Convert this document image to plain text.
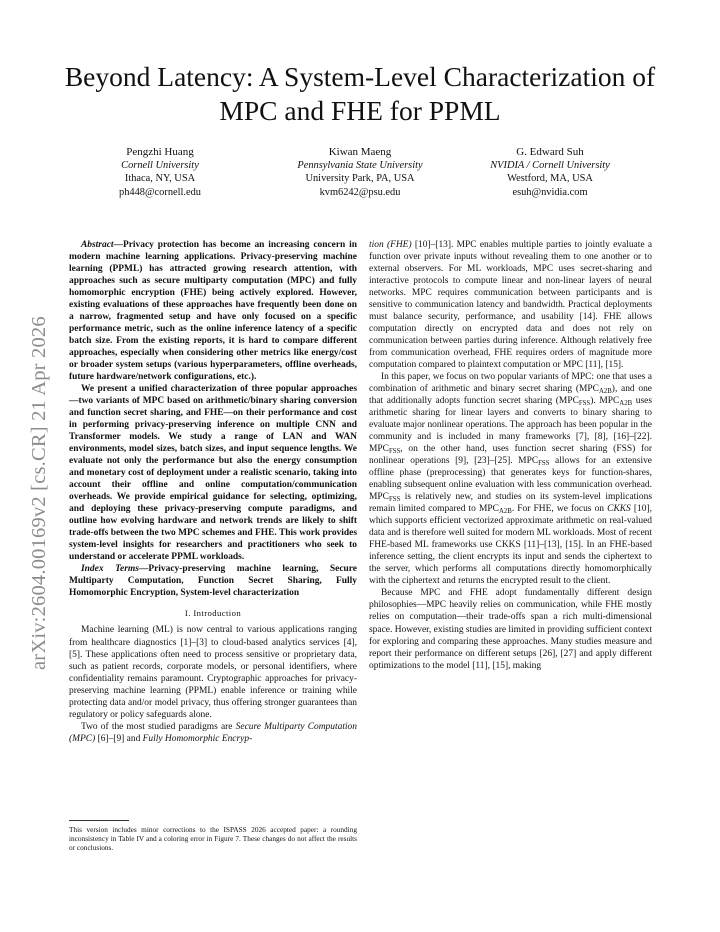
arXiv:2604.00169v2 [cs.CR] 21 Apr 2026
Beyond Latency: A System-Level Characterization of MPC and FHE for PPML
Pengzhi Huang
Cornell University
Ithaca, NY, USA
ph448@cornell.edu
Kiwan Maeng
Pennsylvania State University
University Park, PA, USA
kvm6242@psu.edu
G. Edward Suh
NVIDIA / Cornell University
Westford, MA, USA
esuh@nvidia.com

Abstract—Privacy protection has become an increasing concern in modern machine learning applications. Privacy-preserving machine learning (PPML) has attracted growing research attention, with approaches such as secure multiparty computation (MPC) and fully homomorphic encryption (FHE) being actively explored. However, existing evaluations of these approaches have frequently been done on a narrow, fragmented setup and have only focused on a specific performance metric, such as the online inference latency of a specific batch size. From the existing reports, it is hard to compare different approaches, especially when considering other metrics like energy/cost or broader system setups (various hyperparameters, offline overheads, future hardware/network configurations, etc.).

We present a unified characterization of three popular approaches—two variants of MPC based on arithmetic/binary sharing conversion and function secret sharing, and FHE—on their performance and cost in performing privacy-preserving inference on multiple CNN and Transformer models. We study a range of LAN and WAN environments, model sizes, batch sizes, and input sequence lengths. We evaluate not only the performance but also the energy consumption and monetary cost of deployment under a realistic scenario, taking into account their offline and online computation/communication overheads. We provide empirical guidance for selecting, optimizing, and deploying these privacy-preserving compute paradigms, and outline how evolving hardware and network trends are likely to shift trade-offs between the two MPC schemes and FHE. This work provides system-level insights for researchers and practitioners who seek to understand or accelerate PPML workloads.

Index Terms—Privacy-preserving machine learning, Secure Multiparty Computation, Function Secret Sharing, Fully Homomorphic Encryption, System-level characterization

I. Introduction

Machine learning (ML) is now central to various applications ranging from healthcare diagnostics [1]–[3] to cloud-based analytics services [4], [5]. These applications often need to process sensitive or proprietary data, such as patient records, corporate models, or personal identifiers, where confidentiality remains paramount. Cryptographic approaches for privacy-preserving machine learning (PPML) enable inference or training while protecting data and/or model privacy, thus offering stronger guarantees than regulatory or policy safeguards alone.

Two of the most studied paradigms are Secure Multiparty Computation (MPC) [6]–[9] and Fully Homomorphic Encryp-

This version includes minor corrections to the ISPASS 2026 accepted paper: a rounding inconsistency in Table IV and a coloring error in Figure 7. These changes do not affect the results or conclusions.

tion (FHE) [10]–[13]. MPC enables multiple parties to jointly evaluate a function over private inputs without revealing them to one another or to external observers. For ML workloads, MPC uses secret-sharing and interactive protocols to compute linear and non-linear layers of neural networks. MPC requires communication between participants and is sensitive to communication latency and bandwidth. Practical deployments must balance security, performance, and usability [14]. FHE allows computation directly on encrypted data and does not rely on communication between parties during inference. Although relatively free from communication overhead, FHE requires orders of magnitude more computation compared to plaintext computation or MPC [11], [15].

In this paper, we focus on two popular variants of MPC: one that uses a combination of arithmetic and binary secret sharing $(MPC_{A2B})$, and one that additionally adopts function secret sharing $(MPC_{FSS})$. $MPC_{A2B}$ uses arithmetic sharing for linear layers and converts to binary sharing to evaluate major nonlinear operations. The approach has been popular in the community and is included in many frameworks [7], [8], [16]–[22]. $MPC_{FSS}$, on the other hand, uses function secret sharing (FSS) for nonlinear operations [9], [23]–[25]. $MPC_{FSS}$ allows for an extensive offline phase (preprocessing) that generates keys for function-shares, enabling subsequent online evaluation with less communication overhead. $MPC_{FSS}$ is relatively new, and studies on its system-level implications remain limited compared to $MPC_{A2B}$. For FHE, we focus on CKKS [10], which supports efficient vectorized approximate arithmetic on real-valued data and is therefore well suited for modern ML workloads. Most of recent FHE-based ML frameworks use CKKS [11]–[13], [15]. In an FHE-based inference setting, the client encrypts its input and sends the ciphertext to the server, which performs all computations directly homomorphically with the ciphertext and returns the encrypted result to the client.

Because MPC and FHE adopt fundamentally different design philosophies—MPC heavily relies on communication, while FHE mostly relies on computation—their trade-offs span a rich multi-dimensional space. However, existing studies are limited in providing sufficient context for exploring and comparing these approaches. Many studies measure and report their performance on different setups [26], [27] and apply different optimizations to the model [11], [15], making
